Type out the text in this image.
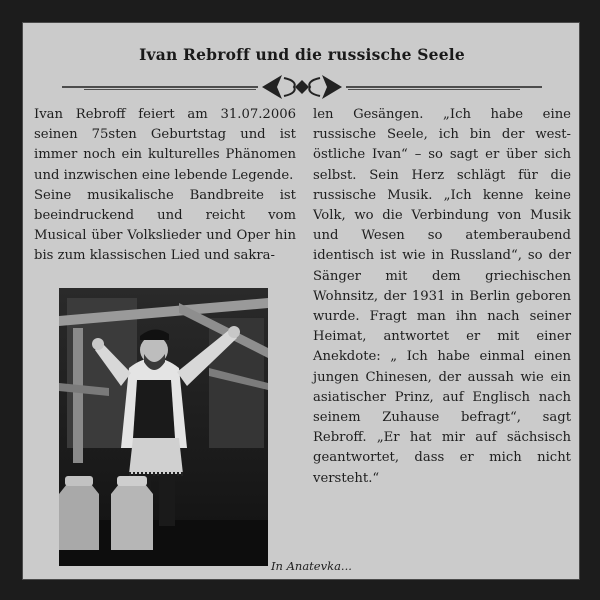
Ivan Rebroff und die russische Seele

Ivan Rebroff feiert am 31.07.2006 seinen 75sten Geburtstag und ist immer noch ein kulturelles Phänomen und inzwischen eine lebende Legende.

Seine musikalische Bandbreite ist beeindruckend und reicht vom Musical über Volkslieder und Oper hin bis zum klassischen Lied und sakra-

In Anatevka...

len Gesängen. „Ich habe eine russische Seele, ich bin der west-östliche Ivan“ – so sagt er über sich selbst. Sein Herz schlägt für die russische Musik. „Ich kenne keine Volk, wo die Verbindung von Musik und Wesen so atemberaubend identisch ist wie in Russland“, so der Sänger mit dem griechischen Wohnsitz, der 1931 in Berlin geboren wurde. Fragt man ihn nach seiner Heimat, antwortet er mit einer Anekdote: „ Ich habe einmal einen jungen Chinesen, der aussah wie ein asiatischer Prinz, auf Englisch nach seinem Zuhause befragt“, sagt Rebroff. „Er hat mir auf sächsisch geantwortet, dass er mich nicht versteht.“
